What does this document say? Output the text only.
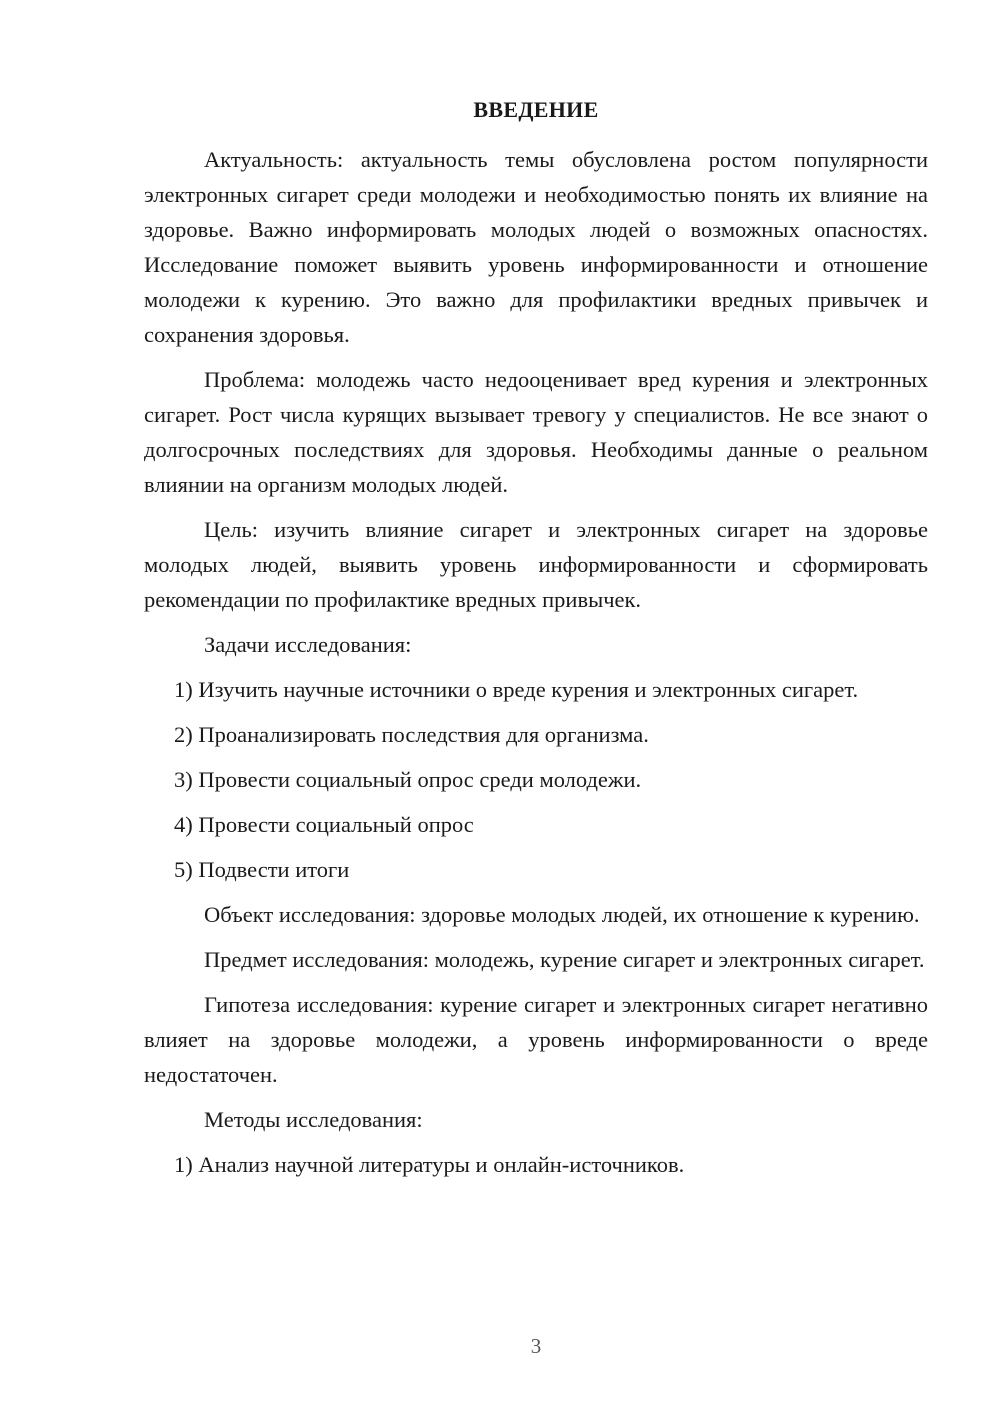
ВВЕДЕНИЕ

Актуальность: актуальность темы обусловлена ростом популярности электронных сигарет среди молодежи и необходимостью понять их влияние на здоровье. Важно информировать молодых людей о возможных опасностях. Исследование поможет выявить уровень информированности и отношение молодежи к курению. Это важно для профилактики вредных привычек и сохранения здоровья.

Проблема: молодежь часто недооценивает вред курения и электронных сигарет. Рост числа курящих вызывает тревогу у специалистов. Не все знают о долгосрочных последствиях для здоровья. Необходимы данные о реальном влиянии на организм молодых людей.

Цель: изучить влияние сигарет и электронных сигарет на здоровье молодых людей, выявить уровень информированности и сформировать рекомендации по профилактике вредных привычек.

Задачи исследования:

1) Изучить научные источники о вреде курения и электронных сигарет.

2) Проанализировать последствия для организма.

3) Провести социальный опрос среди молодежи.

4) Провести социальный опрос

5) Подвести итоги

Объект исследования: здоровье молодых людей, их отношение к курению.

Предмет исследования: молодежь, курение сигарет и электронных сигарет.

Гипотеза исследования: курение сигарет и электронных сигарет негативно влияет на здоровье молодежи, а уровень информированности о вреде недостаточен.

Методы исследования:

1) Анализ научной литературы и онлайн-источников.

3
